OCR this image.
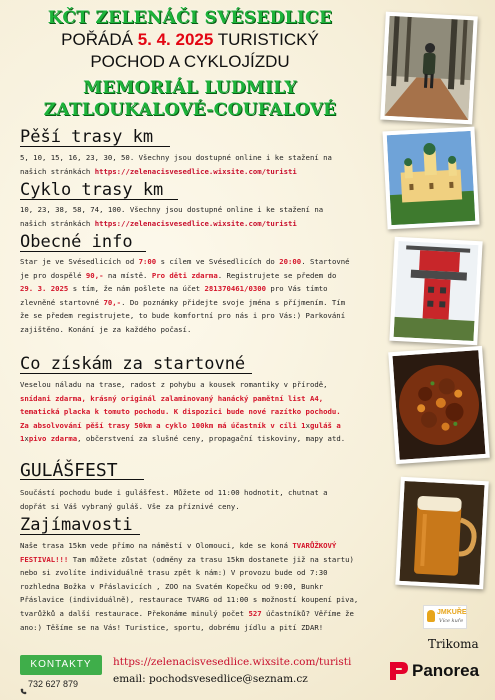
KČT ZELENÁČI SVÉSEDLICE
POŘÁDÁ 5. 4. 2025 TURISTICKÝ
POCHOD A CYKLOJÍZDU
MEMORIÁL LUDMILY
ZATLOUKALOVÉ-COUFALOVÉ
Pěší trasy km
5, 10, 15, 16, 23, 30, 50. Všechny jsou dostupné online i ke stažení na našich stránkách https://zelenacisvesedlice.wixsite.com/turisti
Cyklo trasy km
10, 23, 38, 58, 74, 100. Všechny jsou dostupné online i ke stažení na našich stránkách https://zelenacisvesedlice.wixsite.com/turisti
Obecné info
Star je ve Svésedlicích od 7:00 s cílem ve Svésedlicích do 20:00. Startovné je pro dospělé 90,- na místě. Pro děti zdarma. Registrujete se předem do 29. 3. 2025 s tím, že nám pošlete na účet 281370461/0300 pro Vás tímto zlevněné startovné 70,-. Do poznámky přidejte svoje jména s příjmením. Tím že se předem registrujete, to bude komfortní pro nás i pro Vás:) Parkování zajištěno. Konání je za každého počasí.
Co získám za startovné
Veselou náladu na trase, radost z pohybu a kousek romantiky v přírodě, snídani zdarma, krásný originál zalaminovaný hanácký pamětní list A4, tematická placka k tomuto pochodu. K dispozici bude nové razítko pochodu. Za absolvování pěší trasy 50km a cyklo 100km má účastník v cíli 1xguláš a 1xpivo zdarma, občerstvení za slušné ceny, propagační tiskoviny, mapy atd.
GULÁŠFEST
Součástí pochodu bude i gulášfest. Můžete od 11:00 hodnotit, chutnat a dopřát si Váš vybraný guláš. Vše za příznivé ceny.
Zajímavosti
Naše trasa 15km vede přímo na náměstí v Olomouci, kde se koná TVARŮŽKOVÝ FESTIVAL!!! Tam můžete zůstat (odměny za trasu 15km dostanete již na startu) nebo si zvolíte individuálně trasu zpět k nám:) V provozu bude od 7:30 rozhledna Božka v Přáslavicích , ZOO na Svatém Kopečku od 9:00, Bunkr Přáslavice (individuálně), restaurace TVARG od 11:00 s možností koupení piva, tvarůžků a další restaurace. Překonáme minulý počet 527 účastníků? Věříme že ano:) Těšíme se na Vás! Turistice, sportu, dobrému jídlu a pití ZDAR!
JMKUŘE
Více kuře
Trikoma
Panorea
KONTAKTY
732 627 879
https://zelenacisvesedlice.wixsite.com/turisti
email: pochodsvesedlice@seznam.cz
